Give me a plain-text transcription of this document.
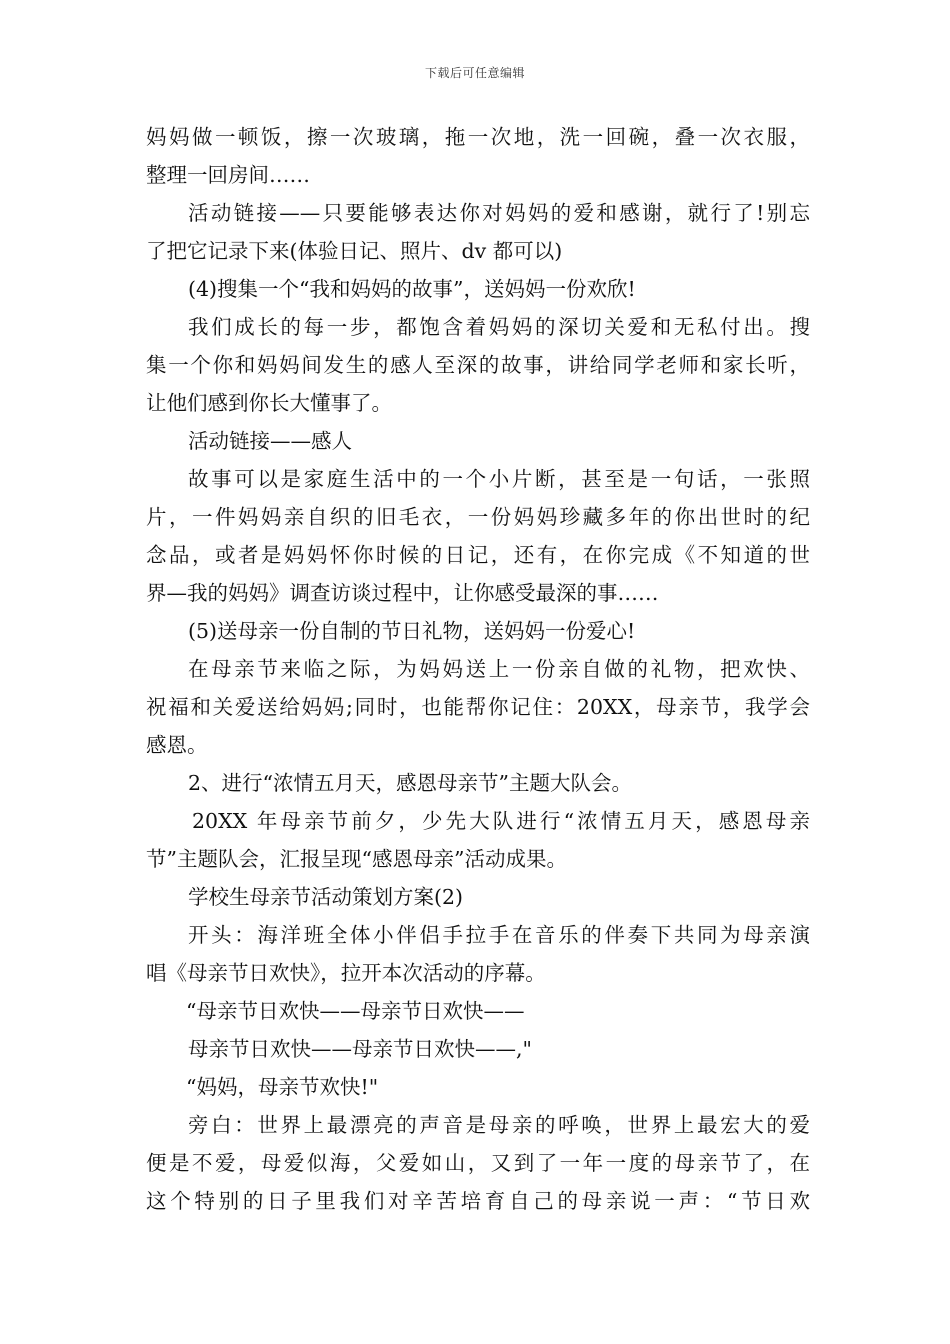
下载后可任意编辑
妈妈做一顿饭，擦一次玻璃，拖一次地，洗一回碗，叠一次衣服，
整理一回房间……
活动链接——只要能够表达你对妈妈的爱和感谢，就行了!别忘
了把它记录下来(体验日记、照片、dv 都可以)
(4)搜集一个“我和妈妈的故事”，送妈妈一份欢欣!
我们成长的每一步，都饱含着妈妈的深切关爱和无私付出。搜
集一个你和妈妈间发生的感人至深的故事，讲给同学老师和家长听，
让他们感到你长大懂事了。
活动链接——感人
故事可以是家庭生活中的一个小片断，甚至是一句话，一张照
片，一件妈妈亲自织的旧毛衣，一份妈妈珍藏多年的你出世时的纪
念品，或者是妈妈怀你时候的日记，还有，在你完成《不知道的世
界—我的妈妈》调查访谈过程中，让你感受最深的事……
(5)送母亲一份自制的节日礼物，送妈妈一份爱心!
在母亲节来临之际，为妈妈送上一份亲自做的礼物，把欢快、
祝福和关爱送给妈妈;同时，也能帮你记住：20XX，母亲节，我学会
感恩。
2、进行“浓情五月天，感恩母亲节”主题大队会。
20XX 年母亲节前夕，少先大队进行“浓情五月天，感恩母亲
节”主题队会，汇报呈现“感恩母亲”活动成果。
学校生母亲节活动策划方案(2)
开头：海洋班全体小伴侣手拉手在音乐的伴奏下共同为母亲演
唱《母亲节日欢快》，拉开本次活动的序幕。
“母亲节日欢快——母亲节日欢快——
母亲节日欢快——母亲节日欢快——,"
“妈妈，母亲节欢快!"
旁白：世界上最漂亮的声音是母亲的呼唤，世界上最宏大的爱
便是不爱，母爱似海，父爱如山，又到了一年一度的母亲节了，在
这个特别的日子里我们对辛苦培育自己的母亲说一声：“节日欢
